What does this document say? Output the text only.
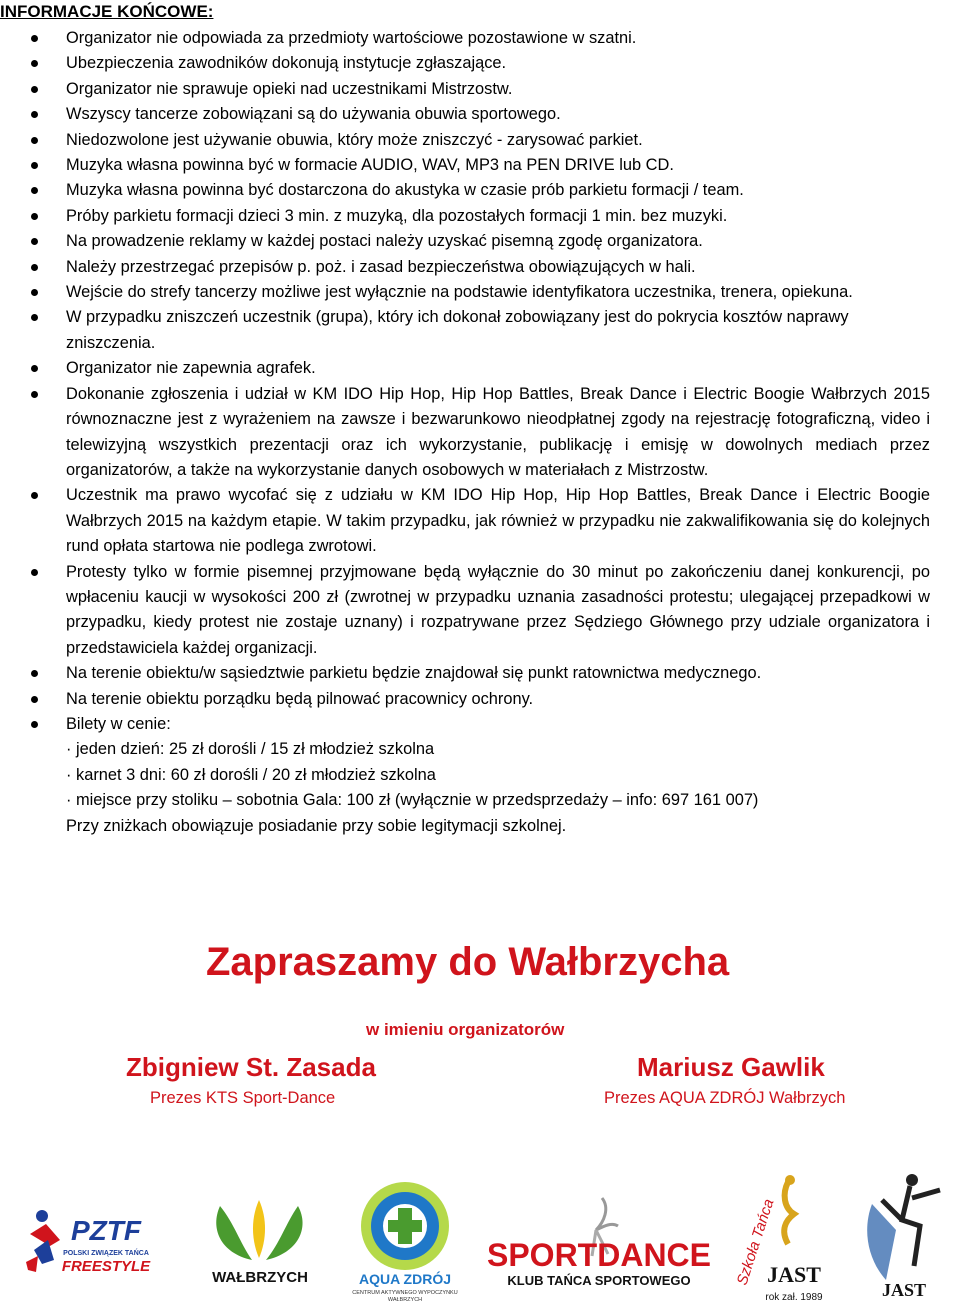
INFORMACJE KOŃCOWE:
Organizator nie odpowiada za przedmioty wartościowe pozostawione w szatni.
Ubezpieczenia zawodników dokonują instytucje zgłaszające.
Organizator nie sprawuje opieki nad uczestnikami Mistrzostw.
Wszyscy tancerze zobowiązani są do używania obuwia sportowego.
Niedozwolone jest używanie obuwia, który może zniszczyć - zarysować parkiet.
Muzyka własna powinna być w formacie AUDIO, WAV, MP3 na PEN DRIVE lub CD.
Muzyka własna powinna być dostarczona do akustyka w czasie prób parkietu formacji / team.
Próby parkietu formacji dzieci 3 min. z muzyką, dla pozostałych formacji 1 min. bez muzyki.
Na prowadzenie reklamy w każdej postaci należy uzyskać pisemną zgodę organizatora.
Należy przestrzegać przepisów p. poż. i zasad bezpieczeństwa obowiązujących w hali.
Wejście do strefy tancerzy możliwe jest wyłącznie na podstawie identyfikatora uczestnika, trenera, opiekuna.
W przypadku zniszczeń uczestnik (grupa), który ich dokonał zobowiązany jest do pokrycia kosztów naprawy zniszczenia.
Organizator nie zapewnia agrafek.
Dokonanie zgłoszenia i udział w KM IDO Hip Hop, Hip Hop Battles, Break Dance i Electric Boogie Wałbrzych 2015 równoznaczne jest z wyrażeniem na zawsze i bezwarunkowo nieodpłatnej zgody na rejestrację fotograficzną, video i telewizyjną wszystkich prezentacji oraz ich wykorzystanie, publikację i emisję w dowolnych mediach przez organizatorów, a także na wykorzystanie danych osobowych w materiałach z Mistrzostw.
Uczestnik ma prawo wycofać się z udziału w KM IDO Hip Hop, Hip Hop Battles, Break Dance i Electric Boogie Wałbrzych 2015 na każdym etapie. W takim przypadku, jak również w przypadku nie zakwalifikowania się do kolejnych rund opłata startowa nie podlega zwrotowi.
Protesty tylko w formie pisemnej przyjmowane będą wyłącznie do 30 minut po zakończeniu danej konkurencji, po wpłaceniu kaucji w wysokości 200 zł (zwrotnej w przypadku uznania zasadności protestu; ulegającej przepadkowi w przypadku, kiedy protest nie zostaje uznany) i rozpatrywane przez Sędziego Głównego przy udziale organizatora i przedstawiciela każdej organizacji.
Na terenie obiektu/w sąsiedztwie parkietu będzie znajdował się punkt ratownictwa medycznego.
Na terenie obiektu porządku będą pilnować pracownicy ochrony.
Bilety w cenie:
· jeden dzień: 25 zł dorośli / 15 zł młodzież szkolna
· karnet 3 dni: 60 zł dorośli / 20 zł młodzież szkolna
· miejsce przy stoliku – sobotnia Gala: 100 zł (wyłącznie w przedsprzedaży – info: 697 161 007)
Przy zniżkach obowiązuje posiadanie przy sobie legitymacji szkolnej.
Zapraszamy do Wałbrzycha
w imieniu organizatorów
Zbigniew St. Zasada
Prezes KTS Sport-Dance
Mariusz Gawlik
Prezes AQUA ZDRÓJ Wałbrzych
PZTF
POLSKI ZWIĄZEK TAŃCA
FREESTYLE
WAŁBRZYCH	AQUA ZDRÓJ
CENTRUM AKTYWNEGO WYPOCZYNKU
WAŁBRZYCH
SPORTDANCE
KLUB TAŃCA SPORTOWEGO	Szkoła Tańca
JAST
rok zał. 1989	JAST
